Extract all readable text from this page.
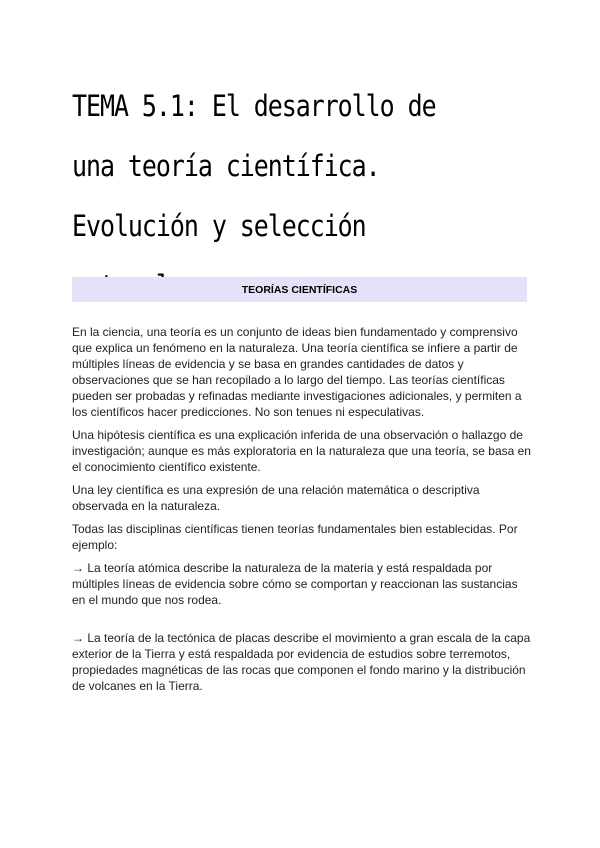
TEMA 5.1: El desarrollo de una teoría científica. Evolución y selección
TEORÍAS CIENTÍFICAS

En la ciencia, una teoría es un conjunto de ideas bien fundamentado y comprensivo que explica un fenómeno en la naturaleza. Una teoría científica se infiere a partir de múltiples líneas de evidencia y se basa en grandes cantidades de datos y observaciones que se han recopilado a lo largo del tiempo. Las teorías científicas pueden ser probadas y refinadas mediante investigaciones adicionales, y permiten a los científicos hacer predicciones. No son tenues ni especulativas.

Una hipótesis científica es una explicación inferida de una observación o hallazgo de investigación; aunque es más exploratoria en la naturaleza que una teoría, se basa en el conocimiento científico existente.

Una ley científica es una expresión de una relación matemática o descriptiva observada en la naturaleza.

Todas las disciplinas científicas tienen teorías fundamentales bien establecidas. Por ejemplo:

→ La teoría atómica describe la naturaleza de la materia y está respaldada por múltiples líneas de evidencia sobre cómo se comportan y reaccionan las sustancias en el mundo que nos rodea.

→ La teoría de la tectónica de placas describe el movimiento a gran escala de la capa exterior de la Tierra y está respaldada por evidencia de estudios sobre terremotos, propiedades magnéticas de las rocas que componen el fondo marino y la distribución de volcanes en la Tierra.
